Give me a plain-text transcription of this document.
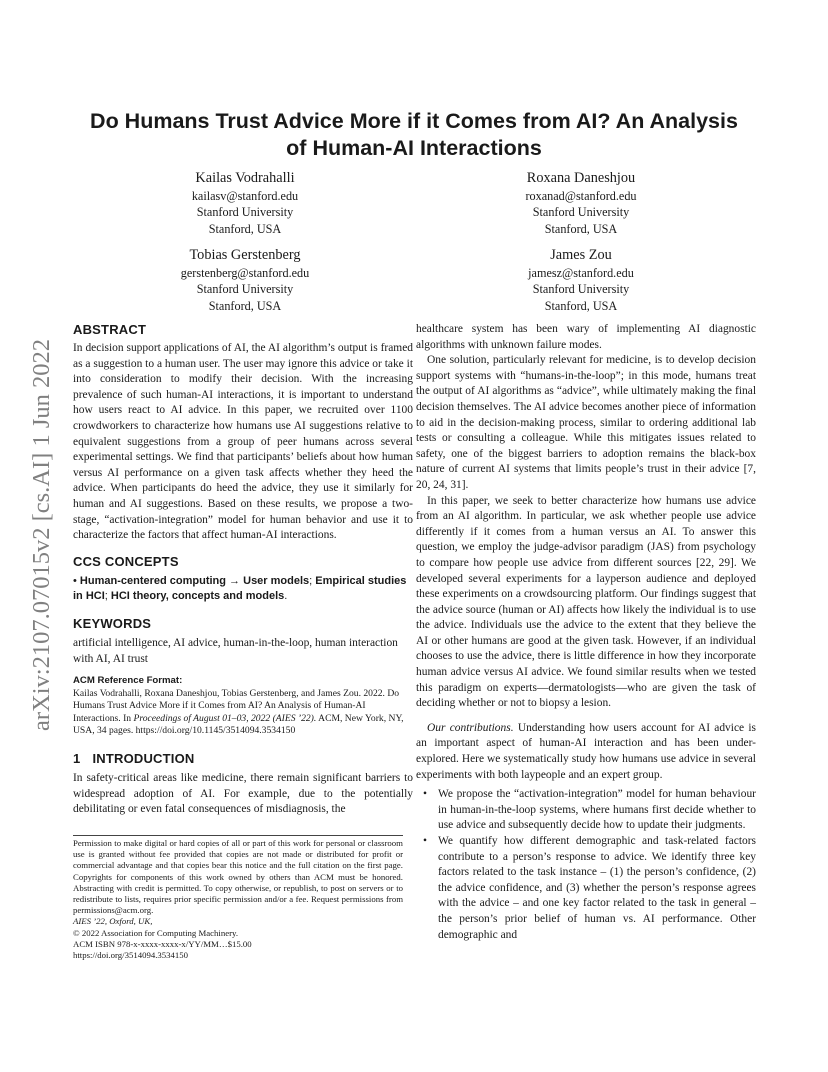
arXiv:2107.07015v2 [cs.AI] 1 Jun 2022
Do Humans Trust Advice More if it Comes from AI? An Analysis
of Human-AI Interactions
Kailas Vodrahalli
kailasv@stanford.edu
Stanford University
Stanford, USA
Roxana Daneshjou
roxanad@stanford.edu
Stanford University
Stanford, USA
Tobias Gerstenberg
gerstenberg@stanford.edu
Stanford University
Stanford, USA
James Zou
jamesz@stanford.edu
Stanford University
Stanford, USA
ABSTRACT

In decision support applications of AI, the AI algorithm’s output is framed as a suggestion to a human user. The user may ignore this advice or take it into consideration to modify their decision. With the increasing prevalence of such human-AI interactions, it is important to understand how users react to AI advice. In this paper, we recruited over 1100 crowdworkers to characterize how humans use AI suggestions relative to equivalent suggestions from a group of peer humans across several experimental settings. We find that participants’ beliefs about how human versus AI performance on a given task affects whether they heed the advice. When participants do heed the advice, they use it similarly for human and AI suggestions. Based on these results, we propose a two-stage, “activation-integration” model for human behavior and use it to characterize the factors that affect human-AI interactions.

CCS CONCEPTS

• Human-centered computing → User models; Empirical studies in HCI; HCI theory, concepts and models.

KEYWORDS

artificial intelligence, AI advice, human-in-the-loop, human interaction with AI, AI trust

ACM Reference Format:

Kailas Vodrahalli, Roxana Daneshjou, Tobias Gerstenberg, and James Zou. 2022. Do Humans Trust Advice More if it Comes from AI? An Analysis of Human-AI Interactions. In Proceedings of August 01–03, 2022 (AIES ’22). ACM, New York, NY, USA, 34 pages. https://doi.org/10.1145/3514094.3534150

1 INTRODUCTION

In safety-critical areas like medicine, there remain significant barriers to widespread adoption of AI. For example, due to the potentially debilitating or even fatal consequences of misdiagnosis, the

Permission to make digital or hard copies of all or part of this work for personal or classroom use is granted without fee provided that copies are not made or distributed for profit or commercial advantage and that copies bear this notice and the full citation on the first page. Copyrights for components of this work owned by others than ACM must be honored. Abstracting with credit is permitted. To copy otherwise, or republish, to post on servers or to redistribute to lists, requires prior specific permission and/or a fee. Request permissions from permissions@acm.org.

AIES ’22, Oxford, UK,

© 2022 Association for Computing Machinery.

ACM ISBN 978-x-xxxx-xxxx-x/YY/MM…$15.00

https://doi.org/3514094.3534150

healthcare system has been wary of implementing AI diagnostic algorithms with unknown failure modes.

One solution, particularly relevant for medicine, is to develop decision support systems with “humans-in-the-loop”; in this mode, humans treat the output of AI algorithms as “advice”, while ultimately making the final decision themselves. The AI advice becomes another piece of information to aid in the decision-making process, similar to ordering additional lab tests or consulting a colleague. While this mitigates issues related to safety, one of the biggest barriers to adoption remains the black-box nature of current AI systems that limits people’s trust in their advice [7, 20, 24, 31].

In this paper, we seek to better characterize how humans use advice from an AI algorithm. In particular, we ask whether people use advice differently if it comes from a human versus an AI. To answer this question, we employ the judge-advisor paradigm (JAS) from psychology to compare how people use advice from different sources [22, 29]. We developed several experiments for a layperson audience and deployed these experiments on a crowdsourcing platform. Our findings suggest that the advice source (human or AI) affects how likely the individual is to use the advice. Individuals use the advice to the extent that they believe the AI or other humans are good at the given task. However, if an individual chooses to use the advice, there is little difference in how they incorporate human advice versus AI advice. We found similar results when we tested this paradigm on experts—dermatologists—who are given the task of deciding whether or not to biopsy a lesion.

Our contributions. Understanding how users account for AI advice is an important aspect of human-AI interaction and has been under-explored. Here we systematically study how humans use advice in several experiments with both laypeople and an expert group.

• We propose the “activation-integration” model for human behaviour in human-in-the-loop systems, where humans first decide whether to use advice and subsequently decide how to update their judgments.
• We quantify how different demographic and task-related factors contribute to a person’s response to advice. We identify three key factors related to the task instance – (1) the person’s confidence, (2) the advice confidence, and (3) whether the person’s response agrees with the advice – and one key factor related to the task in general – the person’s prior belief of human vs. AI performance. Other demographic and
